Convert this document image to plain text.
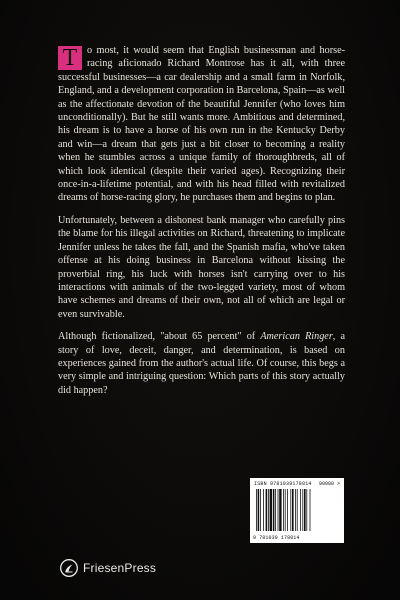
T o most, it would seem that English businessman and horse-racing aficionado Richard Montrose has it all, with three successful businesses—a car dealership and a small farm in Norfolk, England, and a development corporation in Barcelona, Spain—as well as the affectionate devotion of the beautiful Jennifer (who loves him unconditionally). But he still wants more. Ambitious and determined, his dream is to have a horse of his own run in the Kentucky Derby and win—a dream that gets just a bit closer to becoming a reality when he stumbles across a unique family of thoroughbreds, all of which look identical (despite their varied ages). Recognizing their once-in-a-lifetime potential, and with his head filled with revitalized dreams of horse-racing glory, he purchases them and begins to plan.

Unfortunately, between a dishonest bank manager who carefully pins the blame for his illegal activities on Richard, threatening to implicate Jennifer unless he takes the fall, and the Spanish mafia, who've taken offense at his doing business in Barcelona without kissing the proverbial ring, his luck with horses isn't carrying over to his interactions with animals of the two-legged variety, most of whom have schemes and dreams of their own, not all of which are legal or even survivable.

Although fictionalized, "about 65 percent" of American Ringer, a story of love, deceit, danger, and determination, is based on experiences gained from the author's actual life. Of course, this begs a very simple and intriguing question: Which parts of this story actually did happen?

ISBN 978103917801​4 90000 >
9 781039 178014
FriesenPress
